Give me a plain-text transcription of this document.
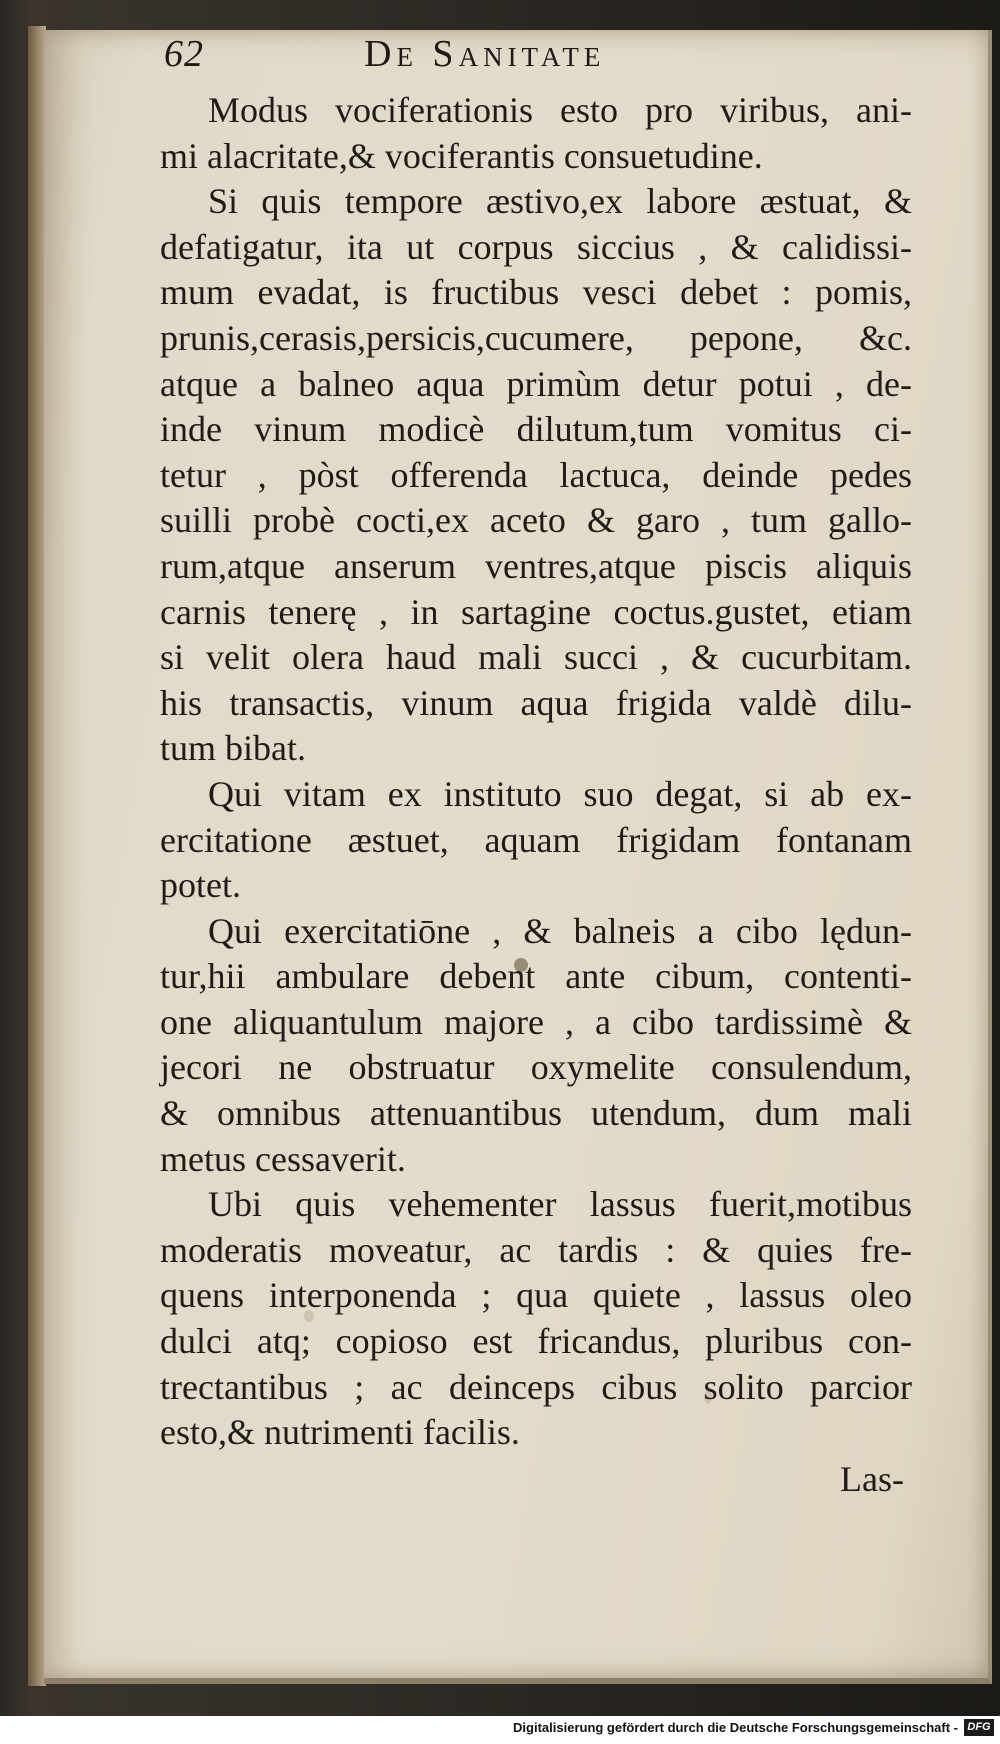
62	De Sanitate
Modus vociferationis esto pro viribus, ani-
mi alacritate,& vociferantis consuetudine.
Si quis tempore æstivo,ex labore æstuat, &
defatigatur, ita ut corpus siccius , & calidissi-
mum evadat, is fructibus vesci debet : pomis,
prunis,cerasis,persicis,cucumere, pepone, &c.
atque a balneo aqua primùm detur potui , de-
inde vinum modicè dilutum,tum vomitus ci-
tetur , pòst offerenda lactuca, deinde pedes
suilli probè cocti,ex aceto & garo , tum gallo-
rum,atque anserum ventres,atque piscis aliquis
carnis tenerę , in sartagine coctus.gustet, etiam
si velit olera haud mali succi , & cucurbitam.
his transactis, vinum aqua frigida valdè dilu-
tum bibat.
Qui vitam ex instituto suo degat, si ab ex-
ercitatione æstuet, aquam frigidam fontanam
potet.
Qui exercitatiōne , & balneis a cibo lędun-
tur,hii ambulare debent ante cibum, contenti-
one aliquantulum majore , a cibo tardissimè &
jecori ne obstruatur oxymelite consulendum,
& omnibus attenuantibus utendum, dum mali
metus cessaverit.
Ubi quis vehementer lassus fuerit,motibus
moderatis moveatur, ac tardis : & quies fre-
quens interponenda ; qua quiete , lassus oleo
dulci atq; copioso est fricandus, pluribus con-
trectantibus ; ac deinceps cibus solito parcior
esto,& nutrimenti facilis.
Las-
Digitalisierung gefördert durch die Deutsche Forschungsgemeinschaft - DFG
